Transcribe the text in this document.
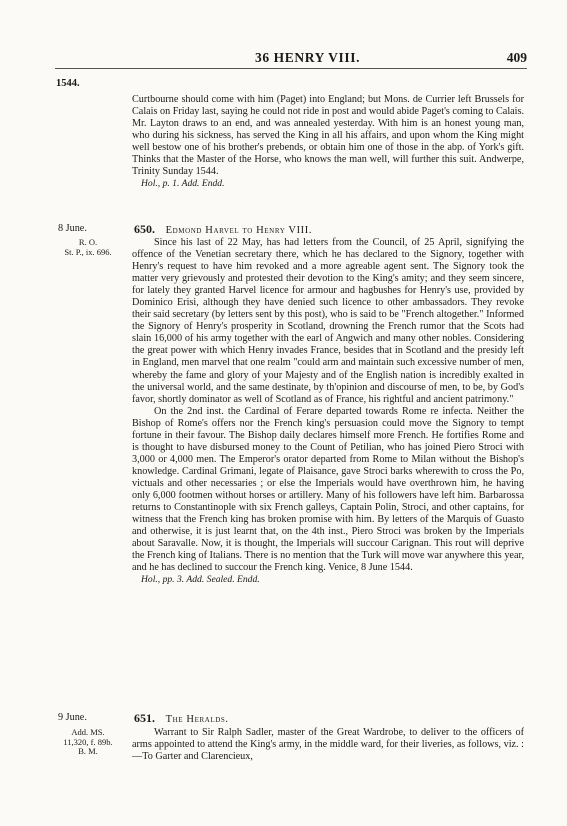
36 HENRY VIII.	409
1544.

Curtbourne should come with him (Paget) into England; but Mons. de Currier left Brussels for Calais on Friday last, saying he could not ride in post and would abide Paget's coming to Calais. Mr. Layton draws to an end, and was annealed yesterday. With him is an honest young man, who during his sickness, has served the King in all his affairs, and upon whom the King might well bestow one of his brother's prebends, or obtain him one of those in the abp. of York's gift. Thinks that the Master of the Horse, who knows the man well, will further this suit. Andwerpe, Trinity Sunday 1544.

Hol., p. 1. Add. Endd.

8 June.	650. Edmond Harvel to Henry VIII.
R. O.
St. P., ix. 696.

Since his last of 22 May, has had letters from the Council, of 25 April, signifying the offence of the Venetian secretary there, which he has declared to the Signory, together with Henry's request to have him revoked and a more agreable agent sent. The Signory took the matter very grievously and protested their devotion to the King's amity; and they seem sincere, for lately they granted Harvel licence for armour and hagbushes for Henry's use, provided by Dominico Erisi, although they have denied such licence to other ambassadors. They revoke their said secretary (by letters sent by this post), who is said to be "French altogether." Informed the Signory of Henry's prosperity in Scotland, drowning the French rumor that the Scots had slain 16,000 of his army together with the earl of Angwich and many other nobles. Considering the great power with which Henry invades France, besides that in Scotland and the presidy left in England, men marvel that one realm "could arm and maintain such excessive number of men, whereby the fame and glory of your Majesty and of the English nation is incredibly exalted in the universal world, and the same destinate, by th'opinion and discourse of men, to be, by God's favor, shortly dominator as well of Scotland as of France, his rightful and ancient patrimony."

On the 2nd inst. the Cardinal of Ferare departed towards Rome re infecta. Neither the Bishop of Rome's offers nor the French king's persuasion could move the Signory to tempt fortune in their favour. The Bishop daily declares himself more French. He fortifies Rome and is thought to have disbursed money to the Count of Petilian, who has joined Piero Stroci with 3,000 or 4,000 men. The Emperor's orator departed from Rome to Milan without the Bishop's knowledge. Cardinal Grimani, legate of Plaisance, gave Stroci barks wherewith to cross the Po, victuals and other necessaries ; or else the Imperials would have overthrown him, he having only 6,000 footmen without horses or artillery. Many of his followers have left him. Barbarossa returns to Constantinople with six French galleys, Captain Polin, Stroci, and other captains, for witness that the French king has broken promise with him. By letters of the Marquis of Guasto and otherwise, it is just learnt that, on the 4th inst., Piero Stroci was broken by the Imperials about Saravalle. Now, it is thought, the Imperials will succour Carignan. This rout will deprive the French king of Italians. There is no mention that the Turk will move war anywhere this year, and he has declined to succour the French king. Venice, 8 June 1544.

Hol., pp. 3. Add. Sealed. Endd.

9 June.	651. The Heralds.
Add. MS.
11,320, f. 89b.
B. M.

Warrant to Sir Ralph Sadler, master of the Great Wardrobe, to deliver to the officers of arms appointed to attend the King's army, in the middle ward, for their liveries, as follows, viz. :—To Garter and Clarencieux,
